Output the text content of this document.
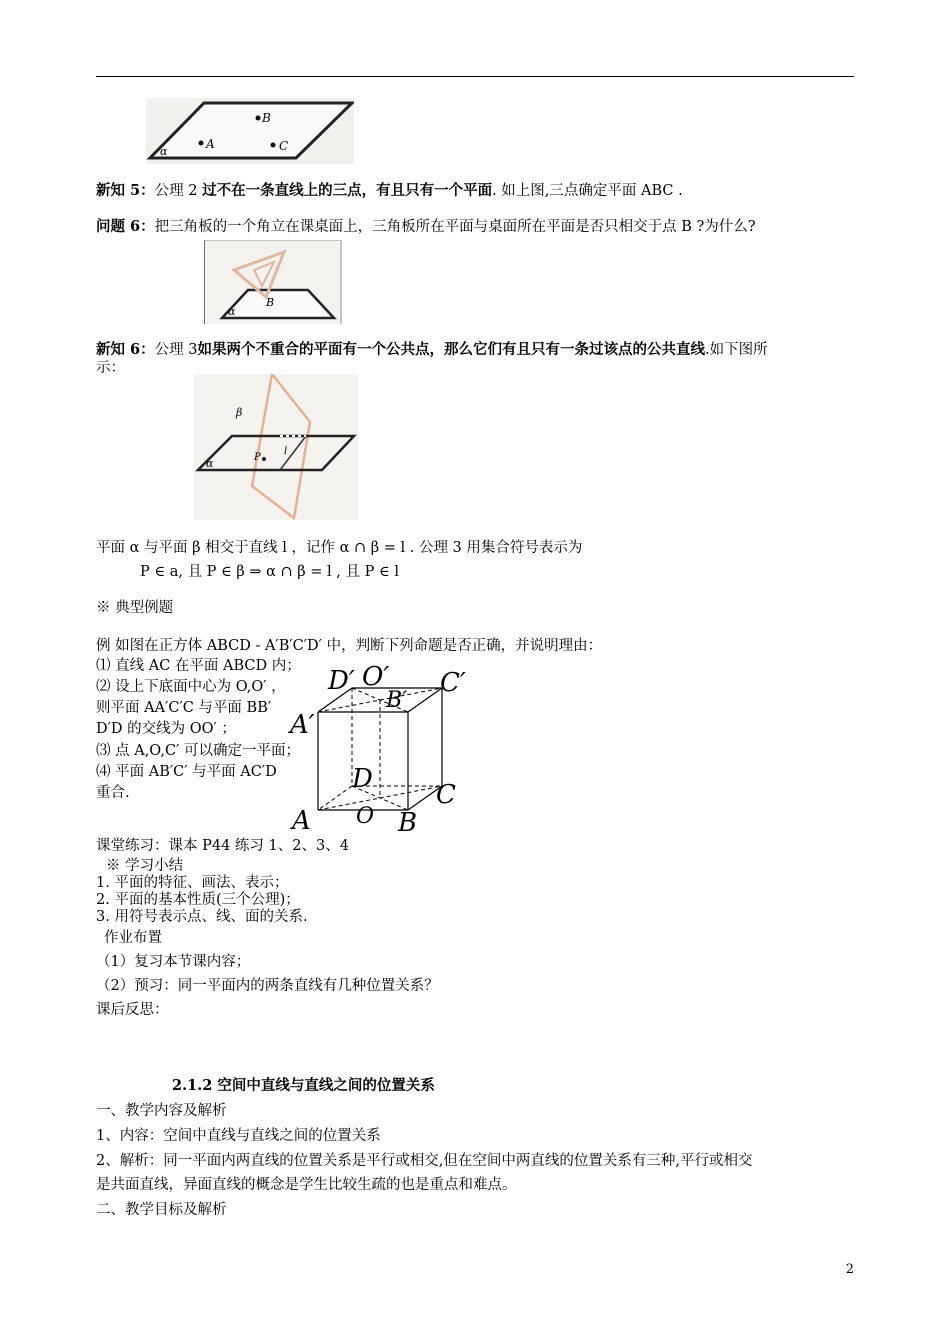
α
A
B
C
新知 5：公理 2 过不在一条直线上的三点，有且只有一个平面. 如上图,三点确定平面 ABC .
问题 6：把三角板的一个角立在课桌面上，三角板所在平面与桌面所在平面是否只相交于点 B ?为什么?
α
B
新知 6：公理 3如果两个不重合的平面有一个公共点，那么它们有且只有一条过该点的公共直线.如下图所
示：
β
α	P
l
平面 α 与平面 β 相交于直线 l ，记作 α ∩ β = l . 公理 3 用集合符号表示为
P ∈ a, 且 P ∈ β ⇒ α ∩ β = l , 且 P ∈ l
※ 典型例题
例 如图在正方体 ABCD - A′B′C′D′ 中，判断下列命题是否正确，并说明理由：
⑴ 直线 AC 在平面 ABCD 内；
⑵ 设上下底面中心为 O,O′ ，
则平面 AA′C′C 与平面 BB′
D′D 的交线为 OO′ ；
⑶ 点 A,O,C′ 可以确定一平面；
⑷ 平面 AB′C′ 与平面 AC′D
重合.
D′ O′ C′
B′
A′
D
C
A O B
课堂练习：课本 P44 练习 1、2、3、4
※ 学习小结
1. 平面的特征、画法、表示；
2. 平面的基本性质(三个公理)；
3. 用符号表示点、线、面的关系.
作业布置
（1）复习本节课内容；
（2）预习：同一平面内的两条直线有几种位置关系？
课后反思：
2.1.2 空间中直线与直线之间的位置关系
一、教学内容及解析
1、内容：空间中直线与直线之间的位置关系
2、解析：同一平面内两直线的位置关系是平行或相交,但在空间中两直线的位置关系有三种,平行或相交
是共面直线，异面直线的概念是学生比较生疏的也是重点和难点。
二、教学目标及解析
2
